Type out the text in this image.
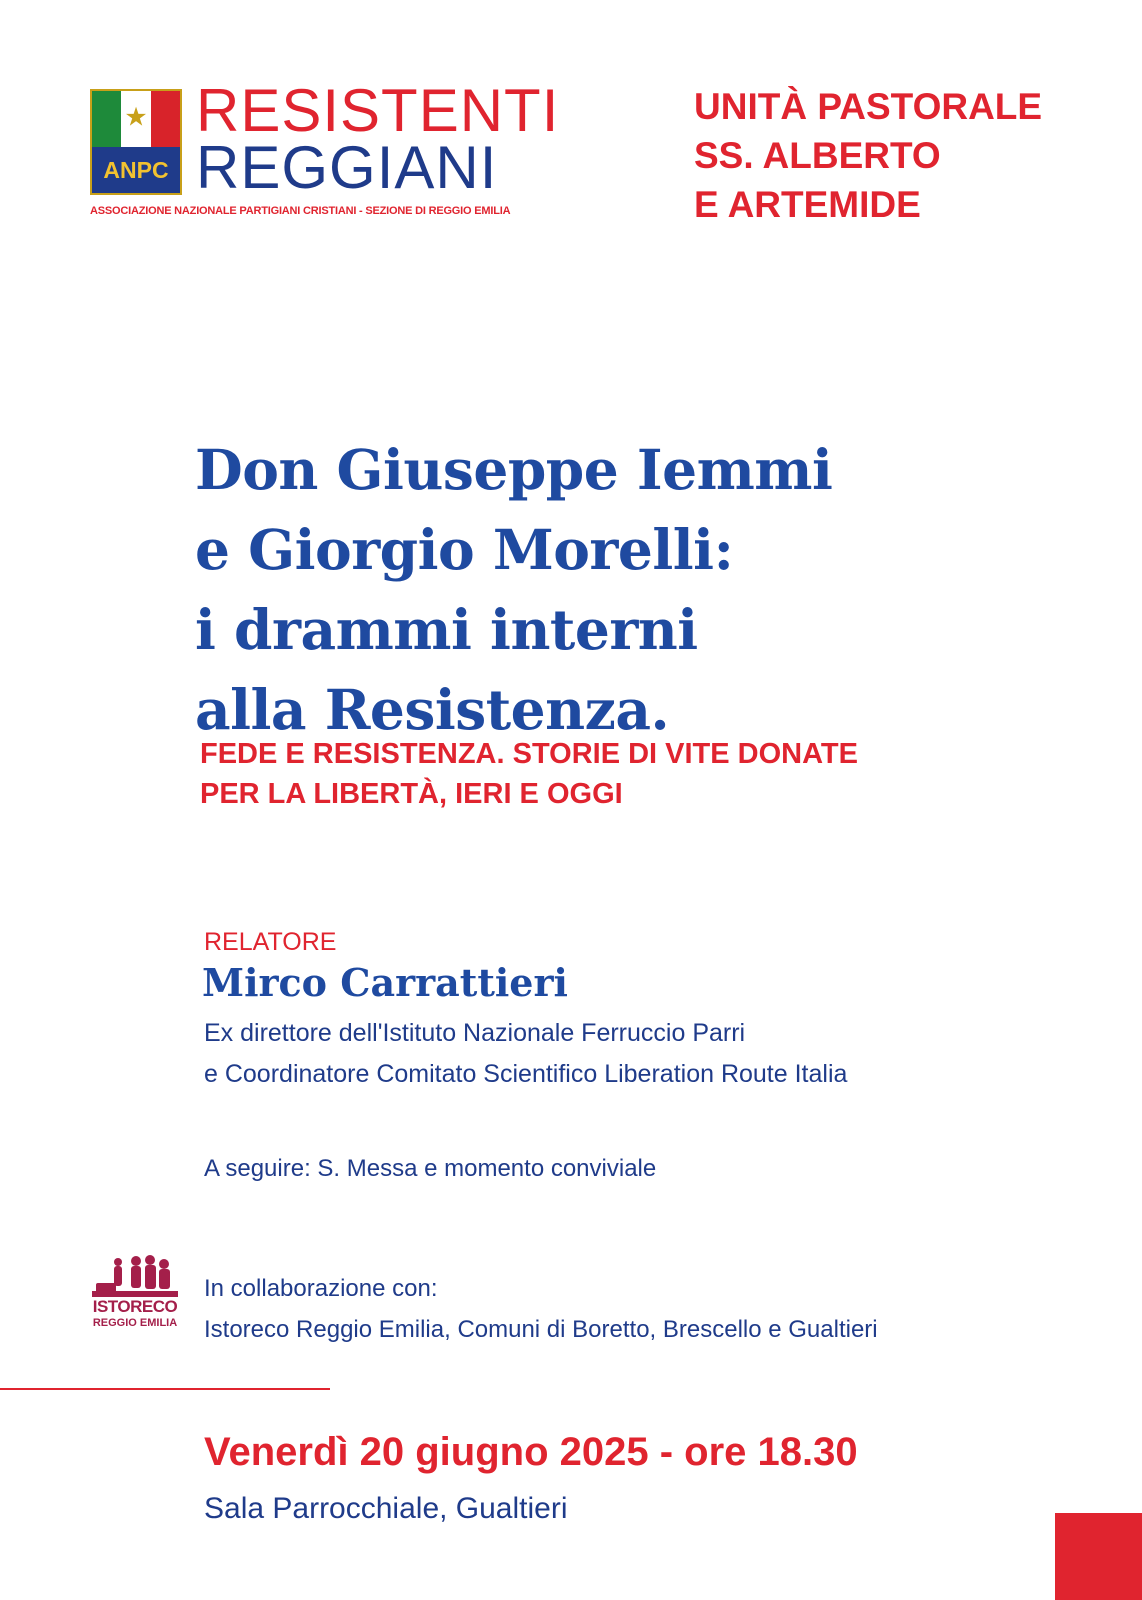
★
ANPC
RESISTENTI
REGGIANI
ASSOCIAZIONE NAZIONALE PARTIGIANI CRISTIANI - SEZIONE DI REGGIO EMILIA
UNITÀ PASTORALE
SS. ALBERTO
E ARTEMIDE
Don Giuseppe Iemmi
e Giorgio Morelli:
i drammi interni
alla Resistenza.
FEDE E RESISTENZA. STORIE DI VITE DONATE
PER LA LIBERTÀ, IERI E OGGI
RELATORE
Mirco Carrattieri
Ex direttore dell'Istituto Nazionale Ferruccio Parri
e Coordinatore Comitato Scientifico Liberation Route Italia
A seguire: S. Messa e momento conviviale
ISTORECO
REGGIO EMILIA
In collaborazione con:
Istoreco Reggio Emilia, Comuni di Boretto, Brescello e Gualtieri
Venerdì 20 giugno 2025 - ore 18.30
Sala Parrocchiale, Gualtieri
